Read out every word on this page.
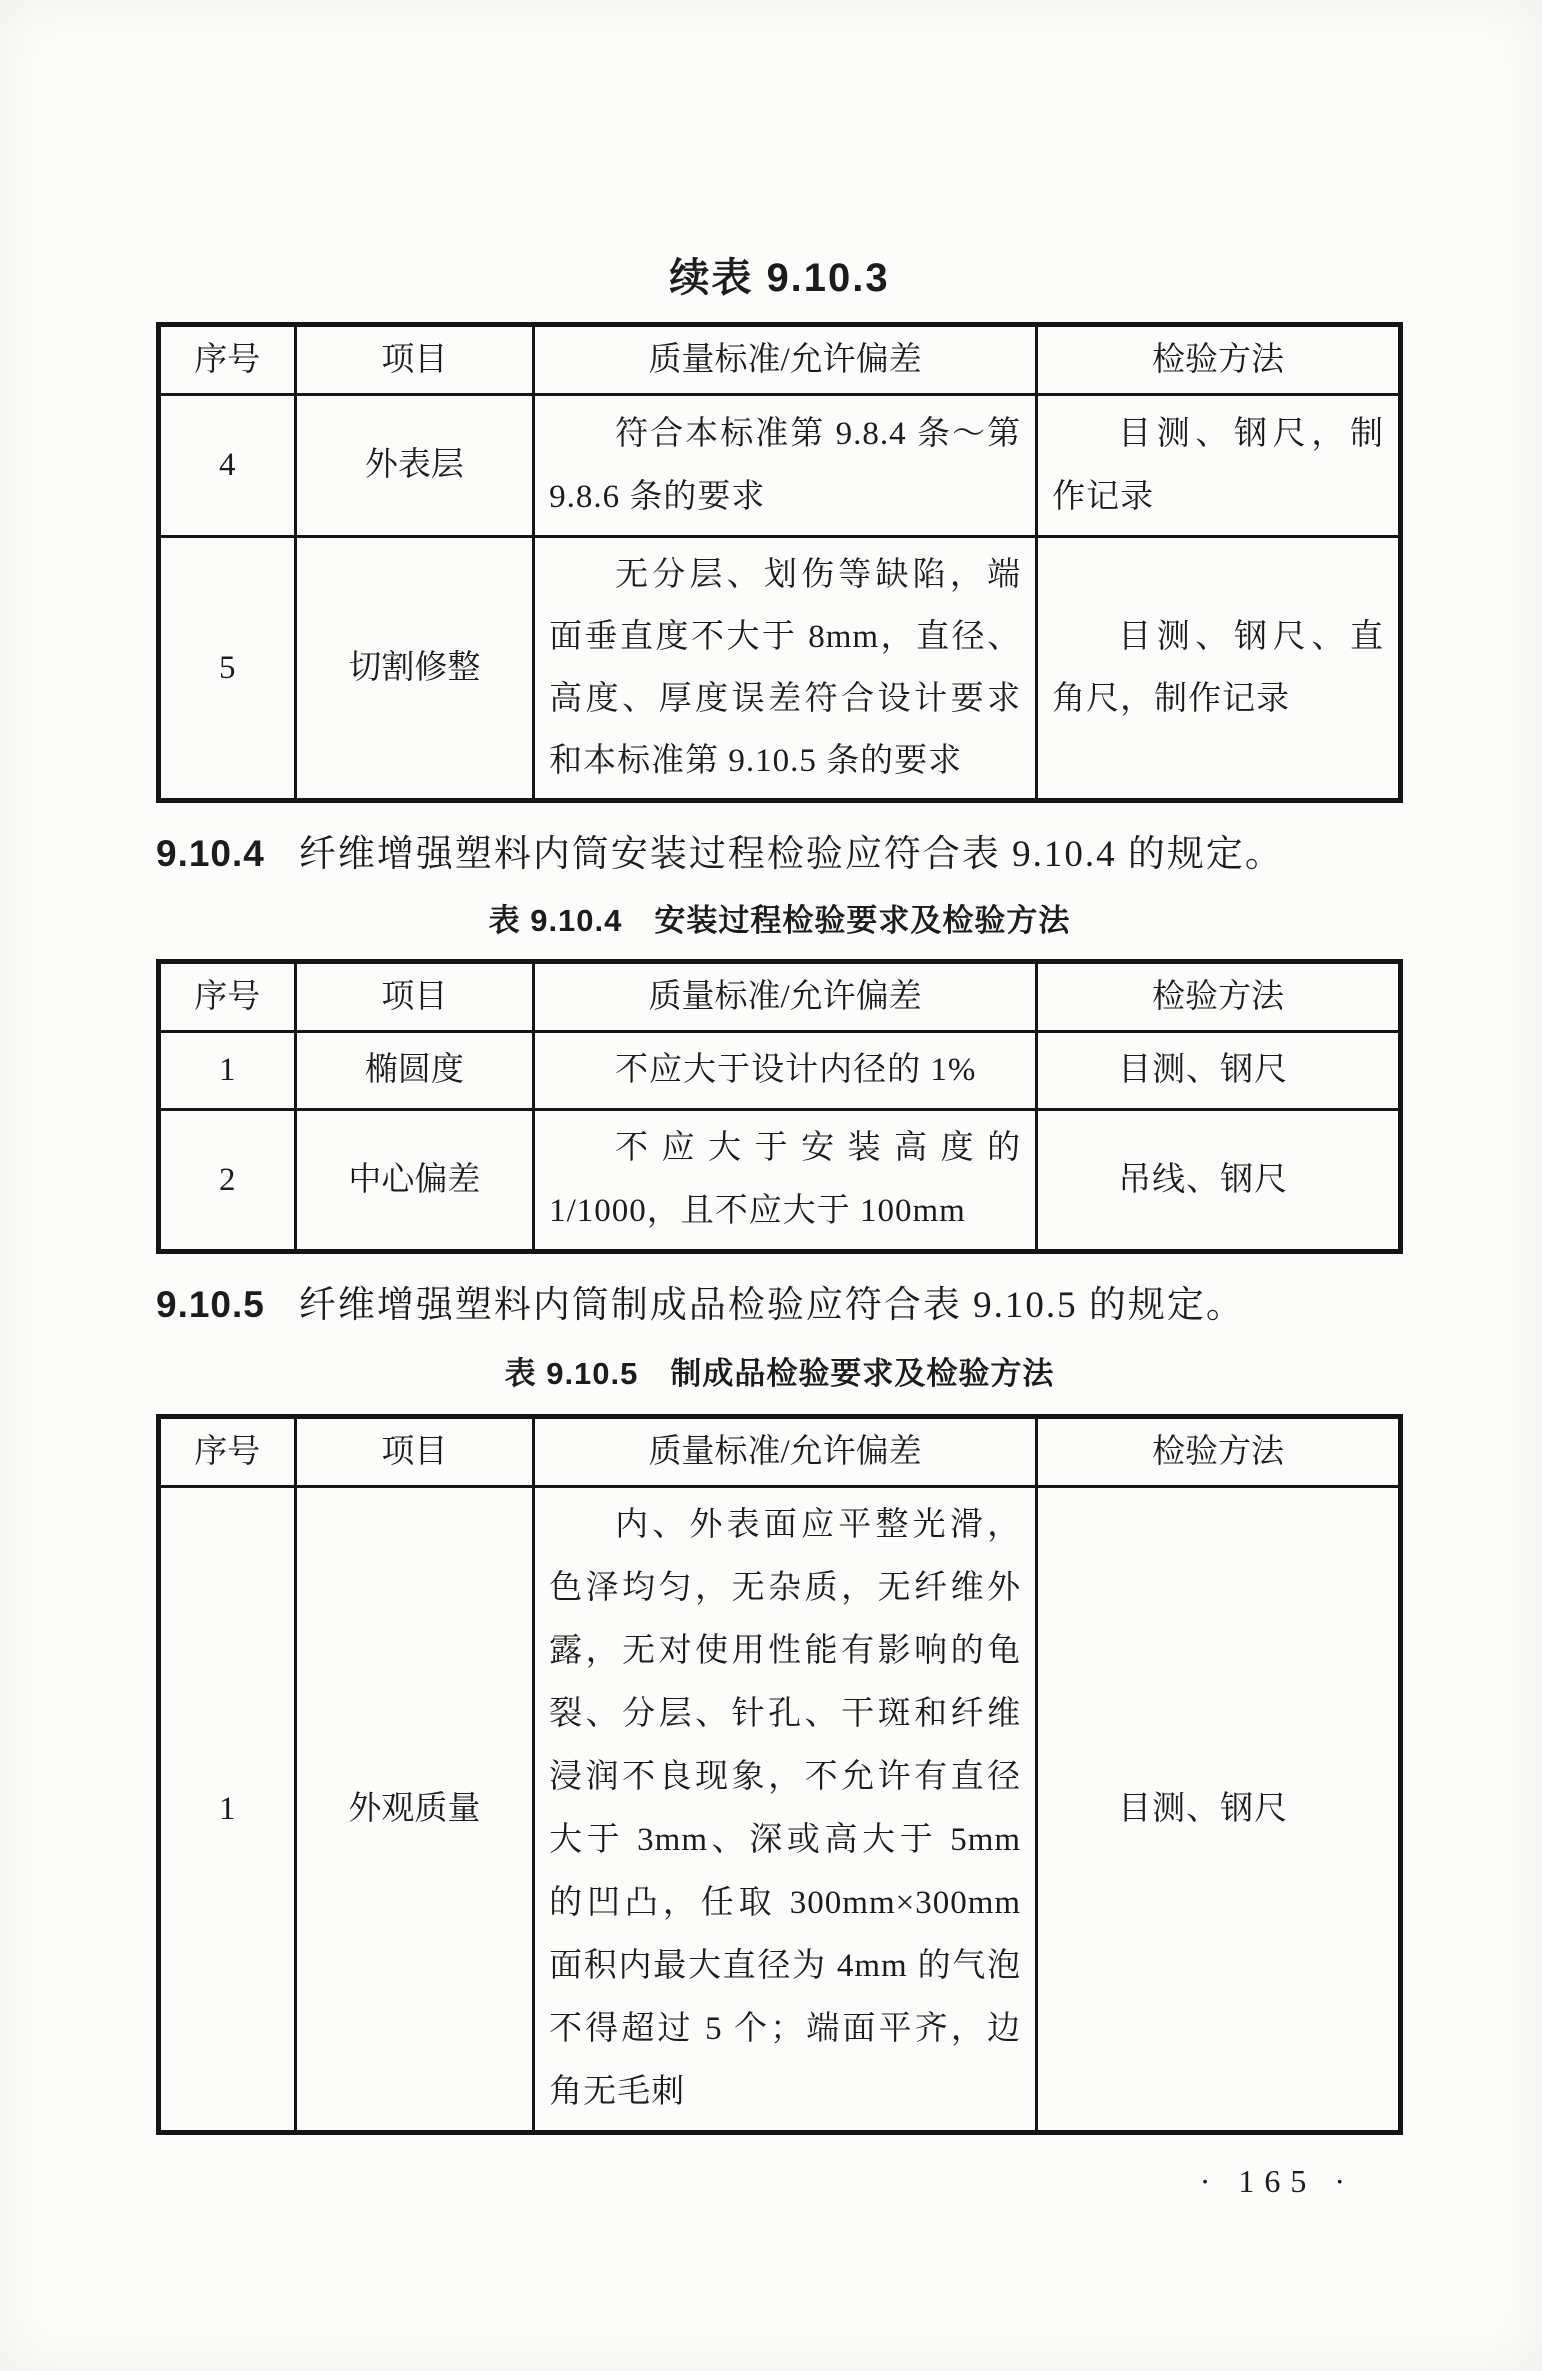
续表 9.10.3
序号	项目	质量标准/允许偏差	检验方法
4	外表层	符合本标准第 9.8.4 条～第 9.8.6 条的要求	目测、钢尺，制作记录
5	切割修整	无分层、划伤等缺陷，端面垂直度不大于 8mm，直径、高度、厚度误差符合设计要求和本标准第 9.10.5 条的要求	目测、钢尺、直角尺，制作记录

9.10.4 纤维增强塑料内筒安装过程检验应符合表 9.10.4 的规定。

表 9.10.4　安装过程检验要求及检验方法
序号	项目	质量标准/允许偏差	检验方法
1	椭圆度	不应大于设计内径的 1%	目测、钢尺
2	中心偏差	不应大于安装高度的 1/1000，且不应大于 100mm	吊线、钢尺

9.10.5 纤维增强塑料内筒制成品检验应符合表 9.10.5 的规定。

表 9.10.5　制成品检验要求及检验方法
序号	项目	质量标准/允许偏差	检验方法
1	外观质量	内、外表面应平整光滑，色泽均匀，无杂质，无纤维外露，无对使用性能有影响的龟裂、分层、针孔、干斑和纤维浸润不良现象，不允许有直径大于 3mm、深或高大于 5mm 的凹凸，任取 300mm×300mm 面积内最大直径为 4mm 的气泡不得超过 5 个；端面平齐，边角无毛刺	目测、钢尺
· 165 ·
